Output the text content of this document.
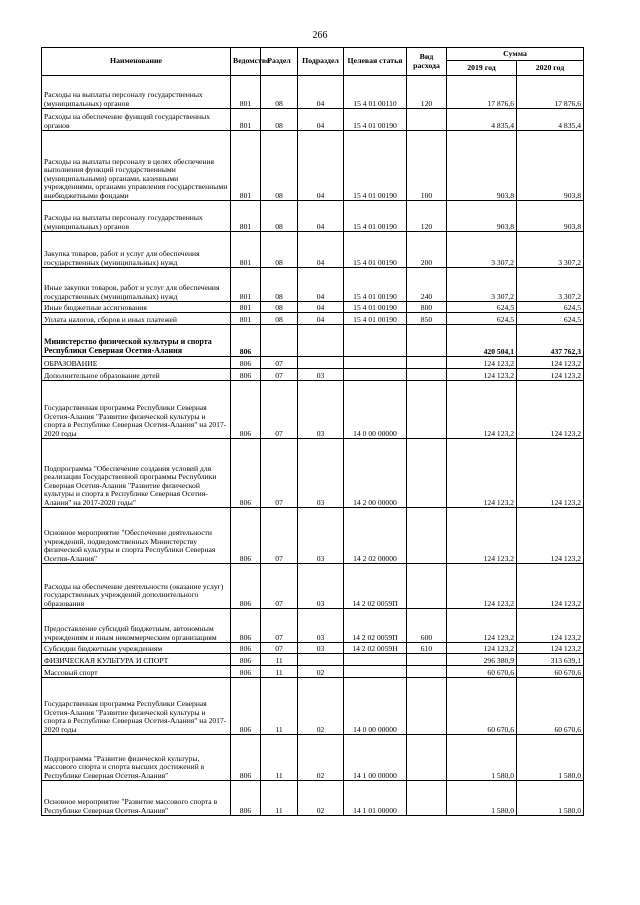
266
Наименование	Ведомство	Раздел	Подраздел	Целевая статья	Вид расхода	Сумма	
						2019 год	2020 год
Расходы на выплаты персоналу государственных (муниципальных) органов	801	08	04	15 4 01 00110	120	17 876,6	17 876,6
Расходы на обеспечение функций государственных органов	801	08	04	15 4 01 00190		4 835,4	4 835,4
Расходы на выплаты персоналу в целях обеспечения выполнения функций государственными (муниципальными) органами, казенными учреждениями, органами управления государственными внебюджетными фондами	801	08	04	15 4 01 00190	100	903,8	903,8
Расходы на выплаты персоналу государственных (муниципальных) органов	801	08	04	15 4 01 00190	120	903,8	903,8
Закупка товаров, работ и услуг для обеспечения государственных (муниципальных) нужд	801	08	04	15 4 01 00190	200	3 307,2	3 307,2
Иные закупки товаров, работ и услуг для обеспечения государственных (муниципальных) нужд	801	08	04	15 4 01 00190	240	3 307,2	3 307,2
Иные бюджетные ассигнования	801	08	04	15 4 01 00190	800	624,5	624,5
Уплата налогов, сборов и иных платежей	801	08	04	15 4 01 00190	850	624,5	624,5
Министерство физической культуры и спорта Республики Северная Осетия-Алания	806					420 504,1	437 762,3
ОБРАЗОВАНИЕ	806	07				124 123,2	124 123,2
Дополнительное образование детей	806	07	03			124 123,2	124 123,2
Государственная программа Республики Северная Осетия-Алания "Развитие физической культуры и спорта в Республике Северная Осетия-Алания" на 2017-2020 годы	806	07	03	14 0 00 00000		124 123,2	124 123,2
Подпрограмма "Обеспечение создания условий для реализации Государственной программы Республики Северная Осетия-Алания "Развитие физической культуры и спорта в Республике Северная Осетия-Алания" на 2017-2020 годы"	806	07	03	14 2 00 00000		124 123,2	124 123,2
Основное мероприятие "Обеспечение деятельности учреждений, подведомственных Министерству физической культуры и спорта Республики Северная Осетия-Алания"	806	07	03	14 2 02 00000		124 123,2	124 123,2
Расходы на обеспечение деятельности (оказание услуг) государственных учреждений дополнительного образования	806	07	03	14 2 02 0059П		124 123,2	124 123,2
Предоставление субсидий бюджетным, автономным учреждениям и иным некоммерческим организациям	806	07	03	14 2 02 0059П	600	124 123,2	124 123,2
Субсидии бюджетным учреждениям	806	07	03	14 2 02 0059Н	610	124 123,2	124 123,2
ФИЗИЧЕСКАЯ КУЛЬТУРА И СПОРТ	806	11				296 380,9	313 639,1
Массовый спорт	806	11	02			60 670,6	60 670,6
Государственная программа Республики Северная Осетия-Алания "Развитие физической культуры и спорта в Республике Северная Осетия-Алания" на 2017-2020 годы	806	11	02	14 0 00 00000		60 670,6	60 670,6
Подпрограмма "Развитие физической культуры, массового спорта и спорта высших достижений в Республике Северная Осетия-Алания"	806	11	02	14 1 00 00000		1 580,0	1 580,0
Основное мероприятие "Развитие массового спорта в Республике Северная Осетия-Алания"	806	11	02	14 1 01 00000		1 580,0	1 580,0
